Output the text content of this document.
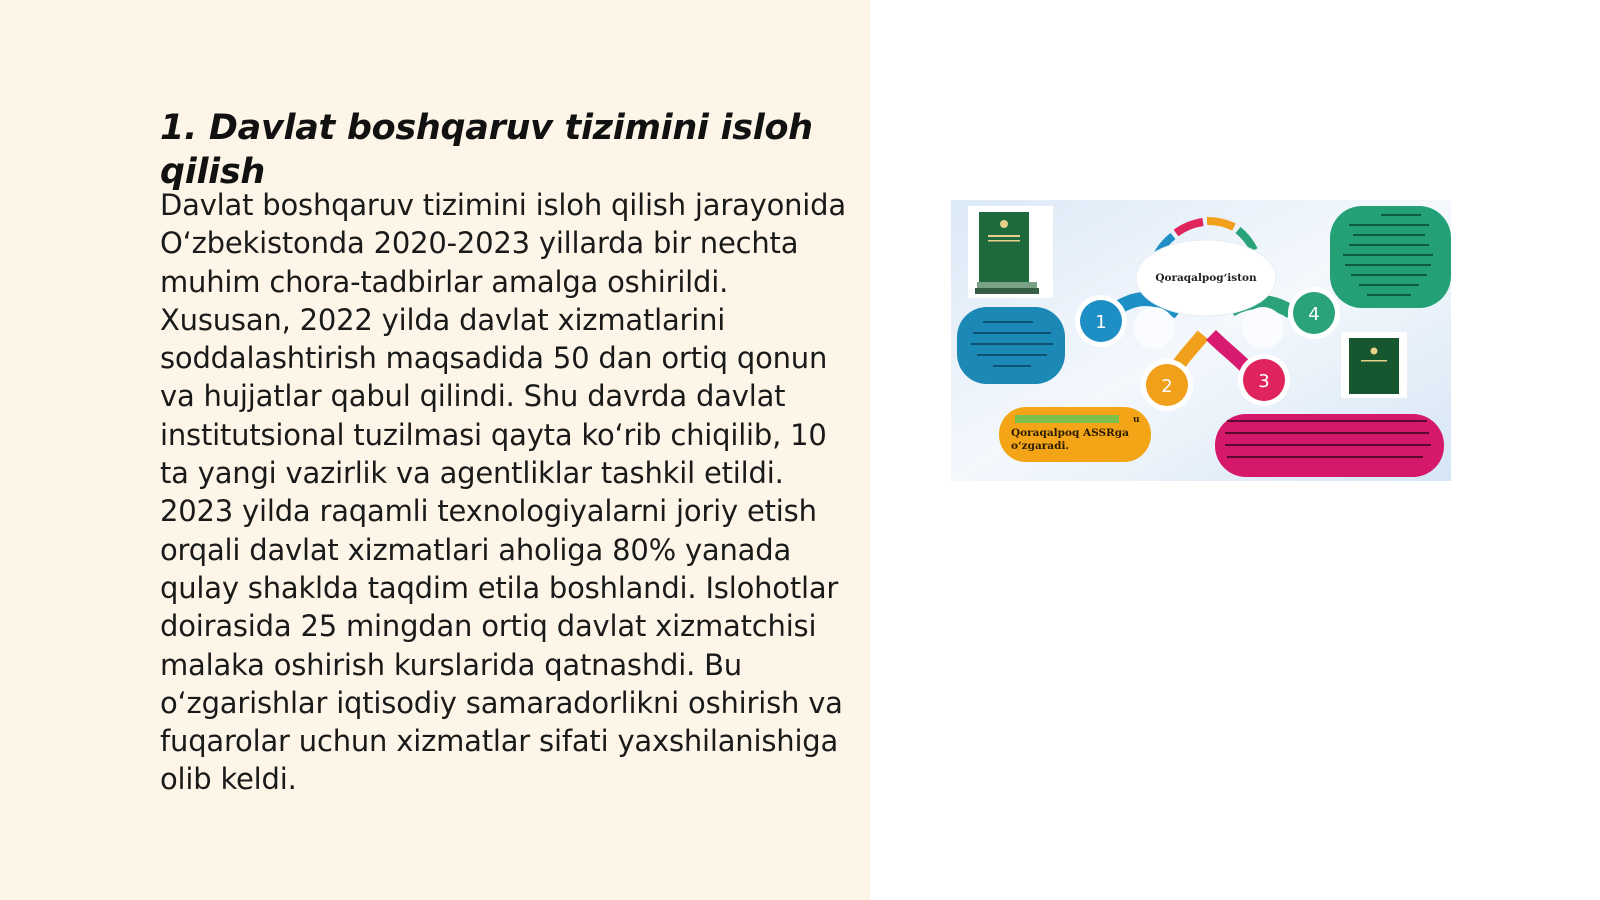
1. Davlat boshqaruv tizimini isloh qilish

Davlat boshqaruv tizimini isloh qilish jarayonida O‘zbekistonda 2020-2023 yillarda bir nechta muhim chora-tadbirlar amalga oshirildi. Xususan, 2022 yilda davlat xizmatlarini soddalashtirish maqsadida 50 dan ortiq qonun va hujjatlar qabul qilindi. Shu davrda davlat institutsional tuzilmasi qayta ko‘rib chiqilib, 10 ta yangi vazirlik va agentliklar tashkil etildi. 2023 yilda raqamli texnologiyalarni joriy etish orqali davlat xizmatlari aholiga 80% yanada qulay shaklda taqdim etila boshlandi. Islohotlar doirasida 25 mingdan ortiq davlat xizmatchisi malaka oshirish kurslarida qatnashdi. Bu o‘zgarishlar iqtisodiy samaradorlikni oshirish va fuqarolar uchun xizmatlar sifati yaxshilanishiga olib keldi.

Qoraqalpog‘iston
u
Qoraqalpoq ASSRga
o‘zgaradi.
1
2	3
4
